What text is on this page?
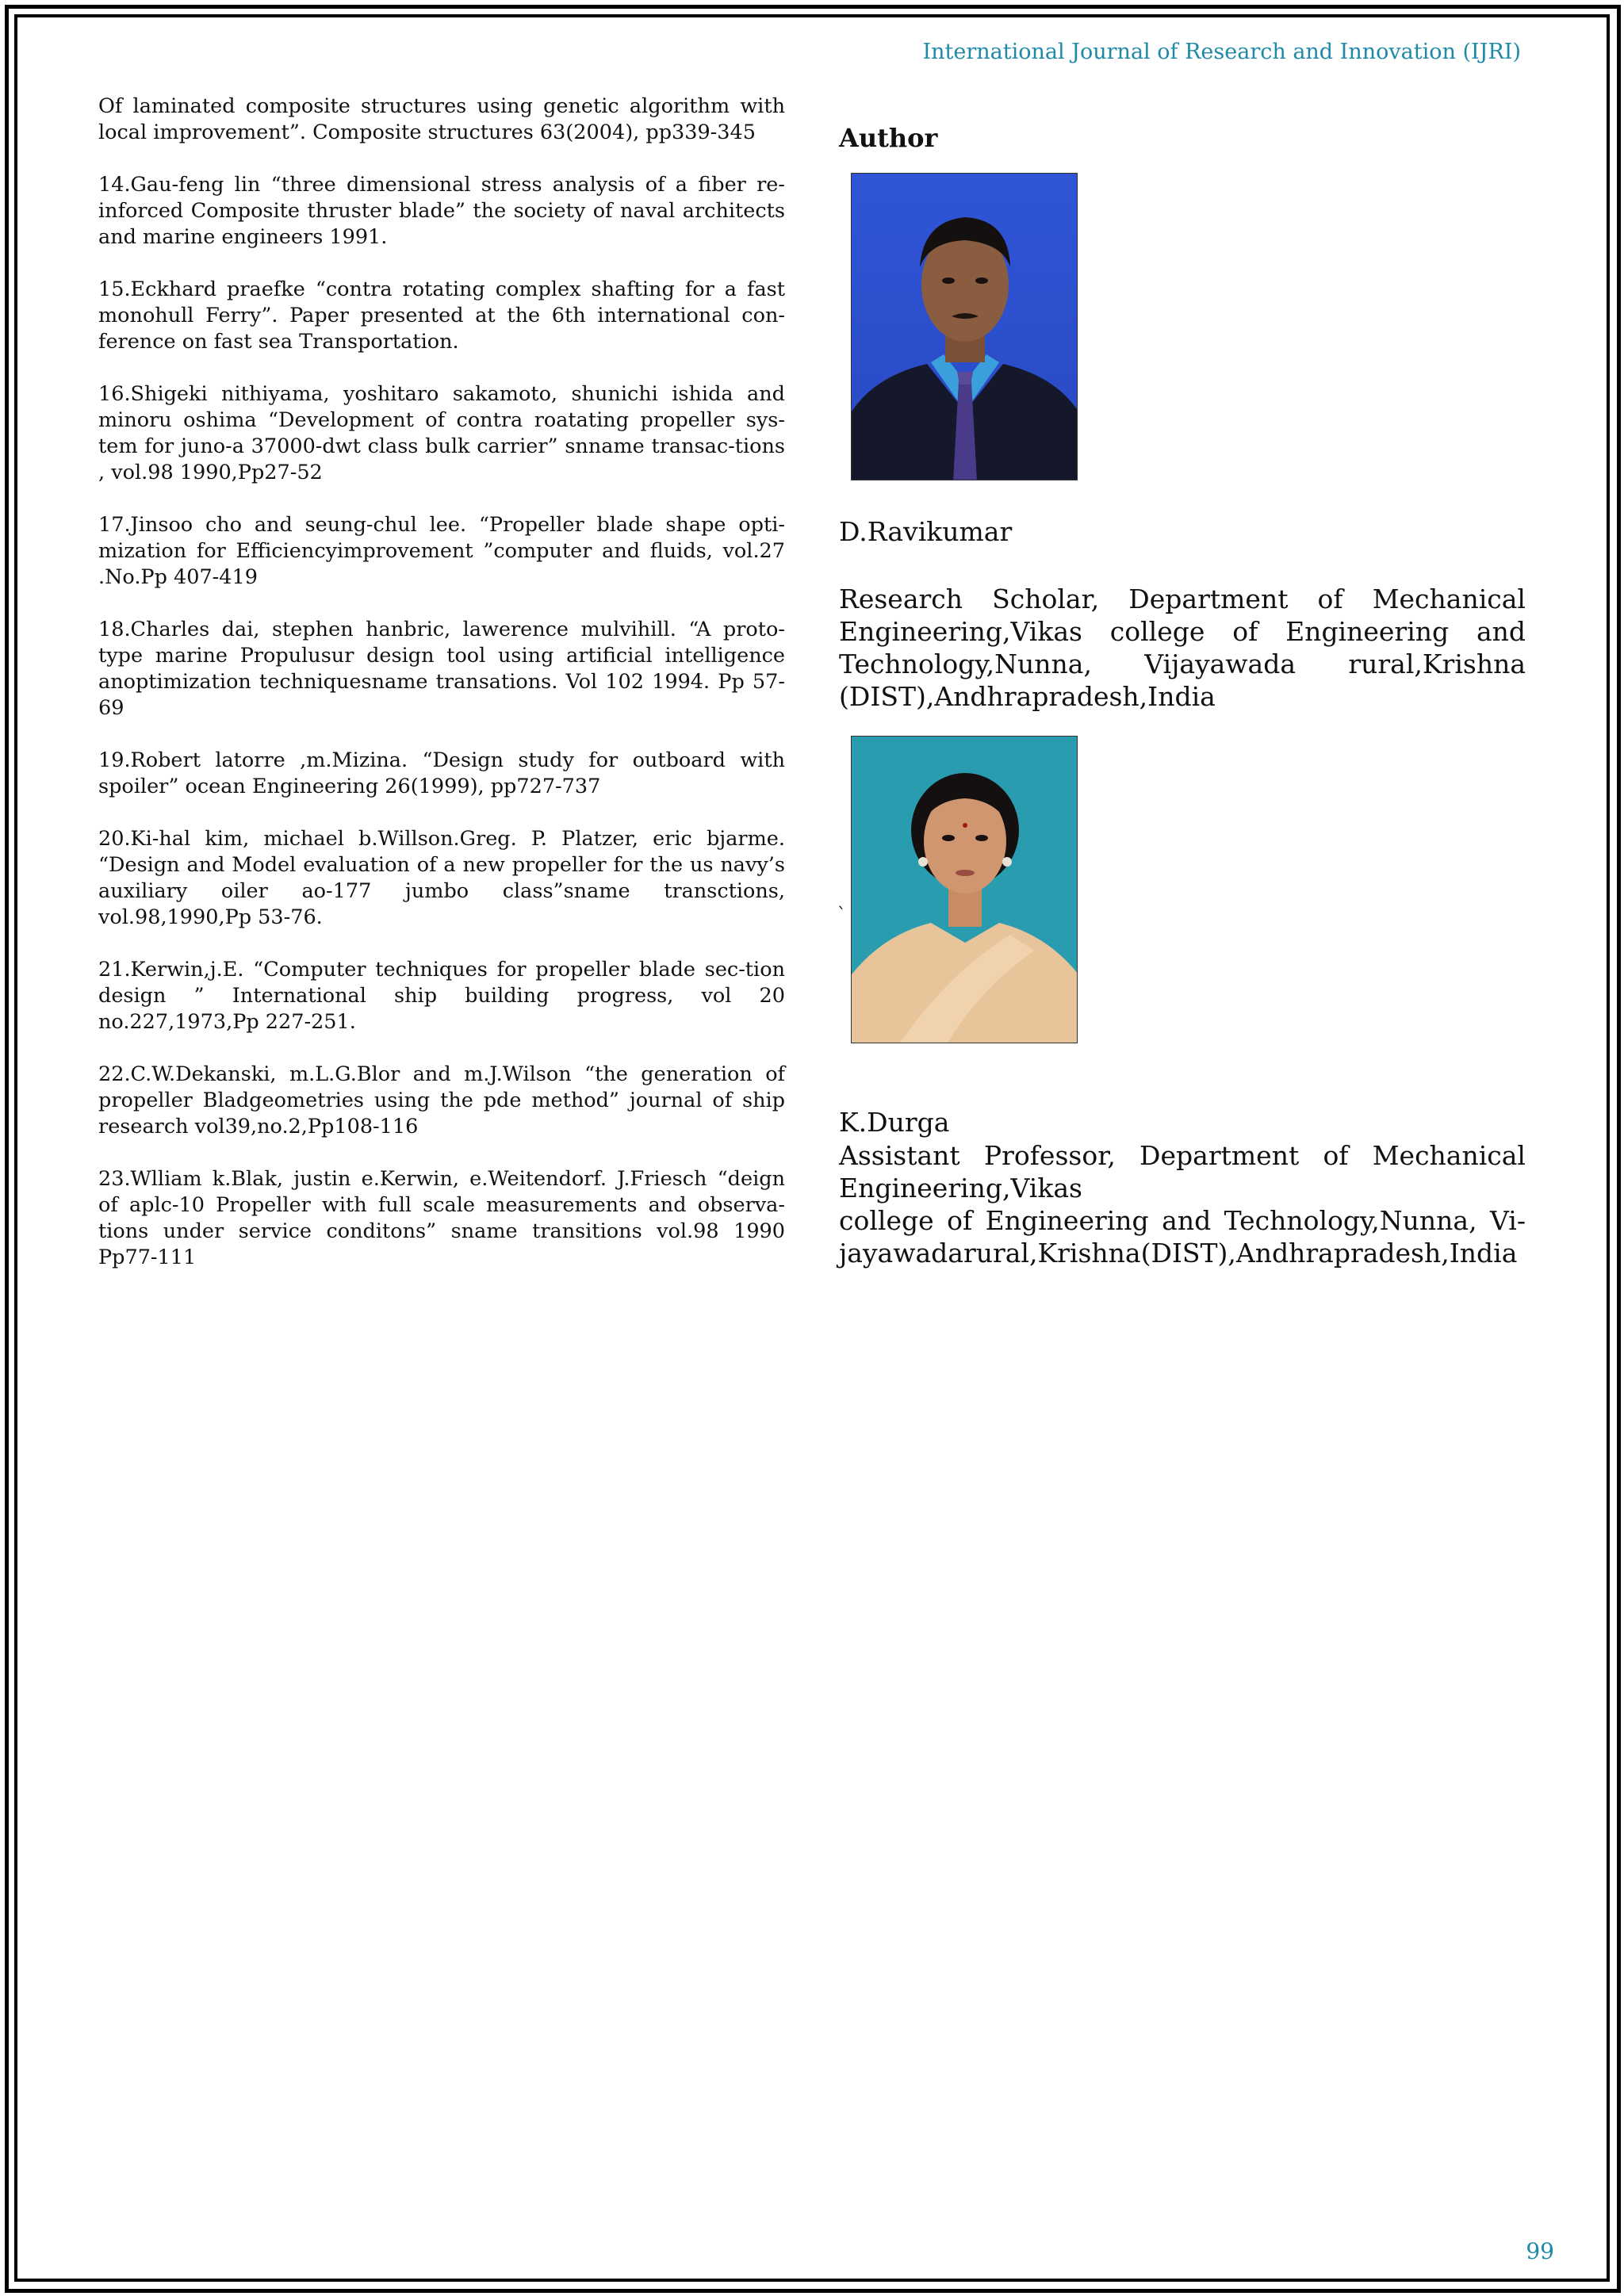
International Journal of Research and Innovation (IJRI)

Of laminated composite structures using genetic algorithm with local improvement”. Composite structures 63(2004), pp339-345

14.Gau-feng lin “three dimensional stress analysis of a fiber re-inforced Composite thruster blade” the society of naval architects and marine engineers 1991.

15.Eckhard praefke “contra rotating complex shafting for a fast monohull Ferry”. Paper presented at the 6th international con-ference on fast sea Transportation.

16.Shigeki nithiyama, yoshitaro sakamoto, shunichi ishida and minoru oshima “Development of contra roatating propeller sys-tem for juno-a 37000-dwt class bulk carrier” snname transac-tions , vol.98 1990,Pp27-52

17.Jinsoo cho and seung-chul lee. “Propeller blade shape opti-mization for Efficiencyimprovement ”computer and fluids, vol.27 .No.Pp 407-419

18.Charles dai, stephen hanbric, lawerence mulvihill. “A proto-type marine Propulusur design tool using artificial intelligence anoptimization techniquesname transations. Vol 102 1994. Pp 57-69

19.Robert latorre ,m.Mizina. “Design study for outboard with spoiler” ocean Engineering 26(1999), pp727-737

20.Ki-hal kim, michael b.Willson.Greg. P. Platzer, eric bjarme. “Design and Model evaluation of a new propeller for the us navy’s auxiliary oiler ao-177 jumbo class”sname transctions, vol.98,1990,Pp 53-76.

21.Kerwin,j.E. “Computer techniques for propeller blade sec-tion design ” International ship building progress, vol 20 no.227,1973,Pp 227-251.

22.C.W.Dekanski, m.L.G.Blor and m.J.Wilson “the generation of propeller Bladgeometries using the pde method” journal of ship research vol39,no.2,Pp108-116

23.Wlliam k.Blak, justin e.Kerwin, e.Weitendorf. J.Friesch “deign of aplc-10 Propeller with full scale measurements and observa-tions under service conditons” sname transitions vol.98 1990 Pp77-111

Author
D.Ravikumar
Research Scholar, Department of Mechanical Engineering,Vikas college of Engineering and Technology,Nunna, Vijayawada rural,Krishna (DIST),Andhrapradesh,India
`
K.Durga
Assistant Professor, Department of Mechanical Engineering,Vikas
college of Engineering and Technology,Nunna, Vi-jayawadarural,Krishna(DIST),Andhrapradesh,India
99
